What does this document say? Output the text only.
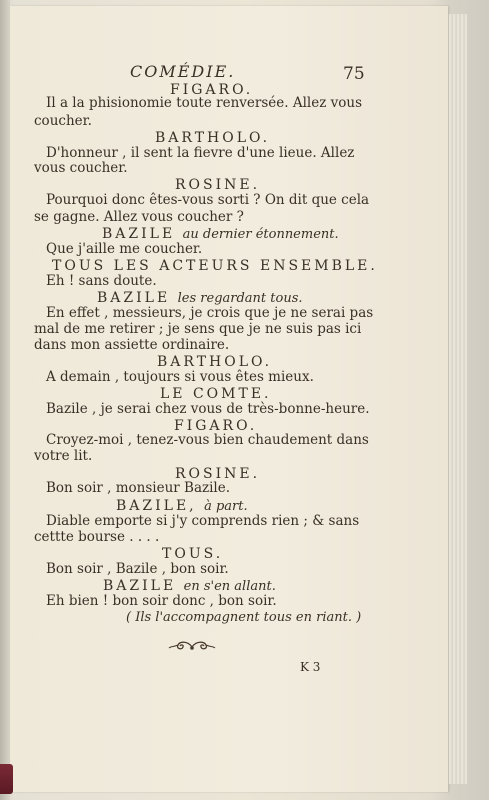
COMÉDIE.	75
FIGARO.
Il a la phisionomie toute renversée. Allez vous
coucher.
BARTHOLO.
D'honneur , il sent la fievre d'une lieue. Allez
vous coucher.
ROSINE.
Pourquoi donc êtes-vous sorti ? On dit que cela
se gagne. Allez vous coucher ?
BAZILE au dernier étonnement.
Que j'aille me coucher.
TOUS LES ACTEURS ENSEMBLE.
Eh ! sans doute.
BAZILE les regardant tous.
En effet , messieurs, je crois que je ne serai pas
mal de me retirer ; je sens que je ne suis pas ici
dans mon assiette ordinaire.
BARTHOLO.
A demain , toujours si vous êtes mieux.
LE COMTE.
Bazile , je serai chez vous de très-bonne-heure.
FIGARO.
Croyez-moi , tenez-vous bien chaudement dans
votre lit.
ROSINE.
Bon soir , monsieur Bazile.
BAZILE, à part.
Diable emporte si j'y comprends rien ; & sans
cettte bourse . . . .
TOUS.
Bon soir , Bazile , bon soir.
BAZILE en s'en allant.
Eh bien ! bon soir donc , bon soir.
( Ils l'accompagnent tous en riant. )
K 3
